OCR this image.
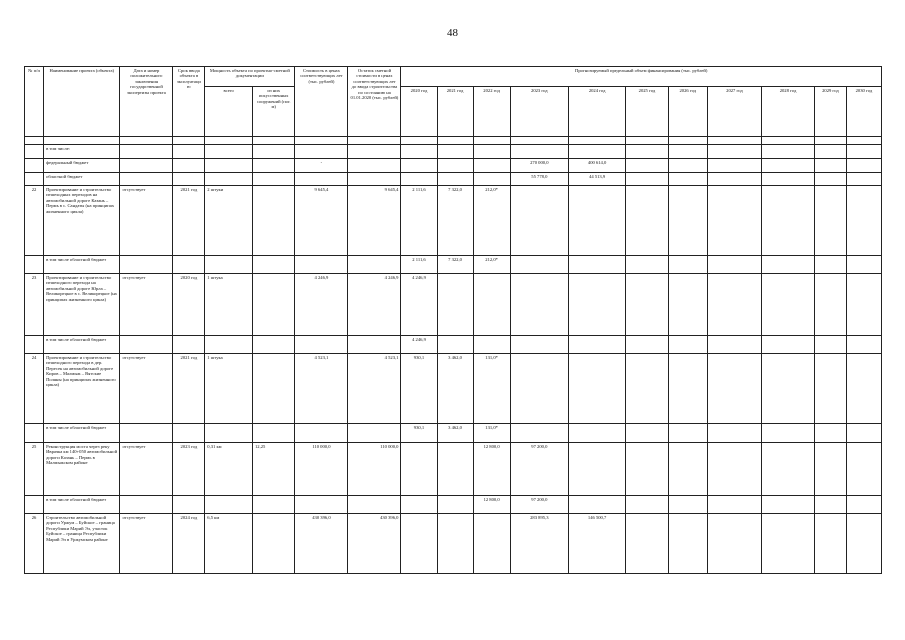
48
№ п/п	Наименование проекта (объекта)	Дата и номер положительного заключения государственной экспертизы проекта	Срок ввода объекта в эксплуатацию	Мощность объекта по проектно-сметной документации		Стоимость в ценах соответствующих лет (тыс. рублей)	Остаток сметной стоимости в ценах соответствующих лет до ввода строительства по состоянию на 01.01.2020 (тыс. рублей)	Прогнозируемый предельный объем финансирования (тыс. рублей)										
				всего	из них искусственных сооружений (пог. м)			2020 год	2021 год	2022 год	2023 год	2024 год	2025 год	2026 год	2027 год	2028 год	2029 год	2030 год

	в том числе:																	
	федеральный бюджет					-					270 000,0	400 614,0						
	областной бюджет										55 778,0	44 513,9						
22	Проектирование и строительство пешеходных переходов на автомобильной дороге Казань – Пермь в с. Сандаты (на принципах жизненного цикла)	отсутствует	2021 год	2 штуки		9 645,4	9 645,4	2 111,6	7 322,0	212,0*								
	в том числе областной бюджет							2 111,6	7 322,0	212,0*								
23	Проектирование и строительство пешеходного перехода на автомобильной дороге Юрла – Великорецкое в с. Великорецкое (на принципах жизненного цикла)	отсутствует	2020 год	1 штука		4 246,9	4 246,9	4 246,9										
	в том числе областной бюджет							4 246,9										
24	Проектирование и строительство пешеходного перехода в дер. Пересек на автомобильной дороге Киров – Малмыж – Вятские Поляны (на принципах жизненного цикла)	отсутствует	2021 год	1 штука		4 523,1	4 523,1	930,1	3 462,0	131,0*								
	в том числе областной бюджет							930,1	3 462,0	131,0*								
25	Реконструкция моста через реку Иврачка км 140+050 автомобильной дороги Казань – Пермь в Малмыжском районе	отсутствует	2023 год	0,31 км	12,25	110 000,0	110 000,0			12 800,0	97 200,0							
	в том числе областной бюджет									12 800,0	97 200,0							
26	Строительство автомобильной дороги Уржум – Буйское – граница Республики Марий Эл, участок Буйское – граница Республики Марий Эл в Уржумском районе	отсутствует	2024 год	6,5 км		430 396,0	430 396,0				283 895,3	146 500,7						
